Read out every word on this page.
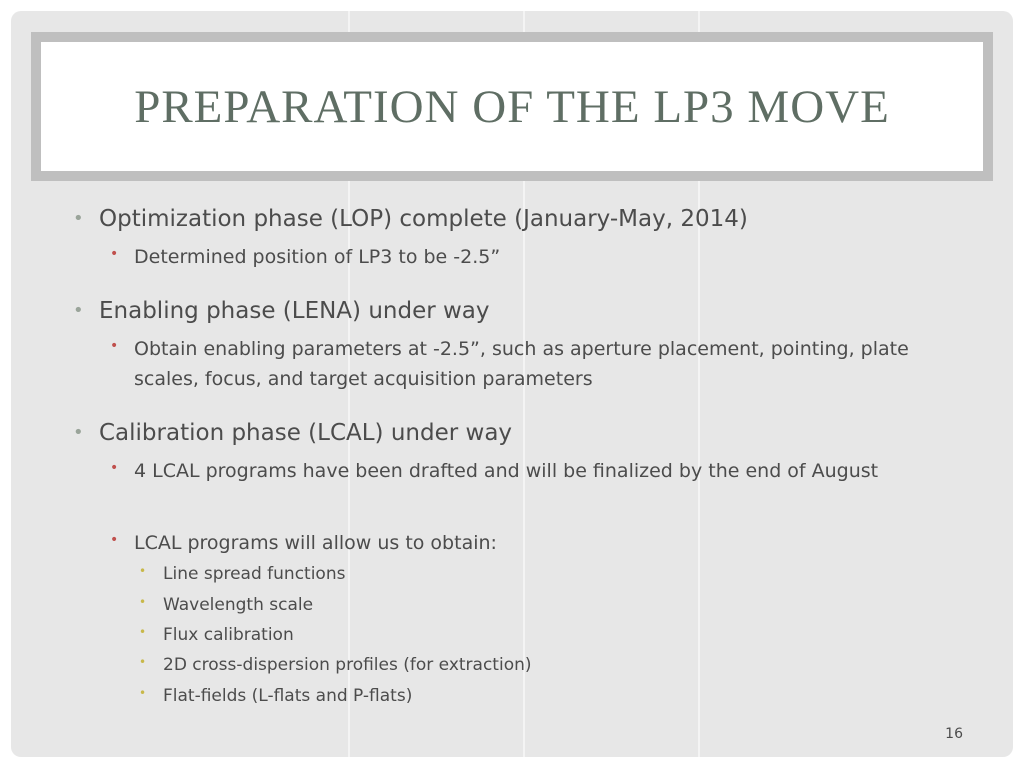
PREPARATION OF THE LP3 MOVE
• Optimization phase (LOP) complete (January-May, 2014)
• Determined position of LP3 to be -2.5”
• Enabling phase (LENA) under way
• Obtain enabling parameters at -2.5”, such as aperture placement, pointing, plate scales, focus, and target acquisition parameters
• Calibration phase (LCAL) under way
• 4 LCAL programs have been drafted and will be finalized by the end of August
• LCAL programs will allow us to obtain:
• Line spread functions
• Wavelength scale
• Flux calibration
• 2D cross-dispersion profiles (for extraction)
• Flat-fields (L-flats and P-flats)
16
